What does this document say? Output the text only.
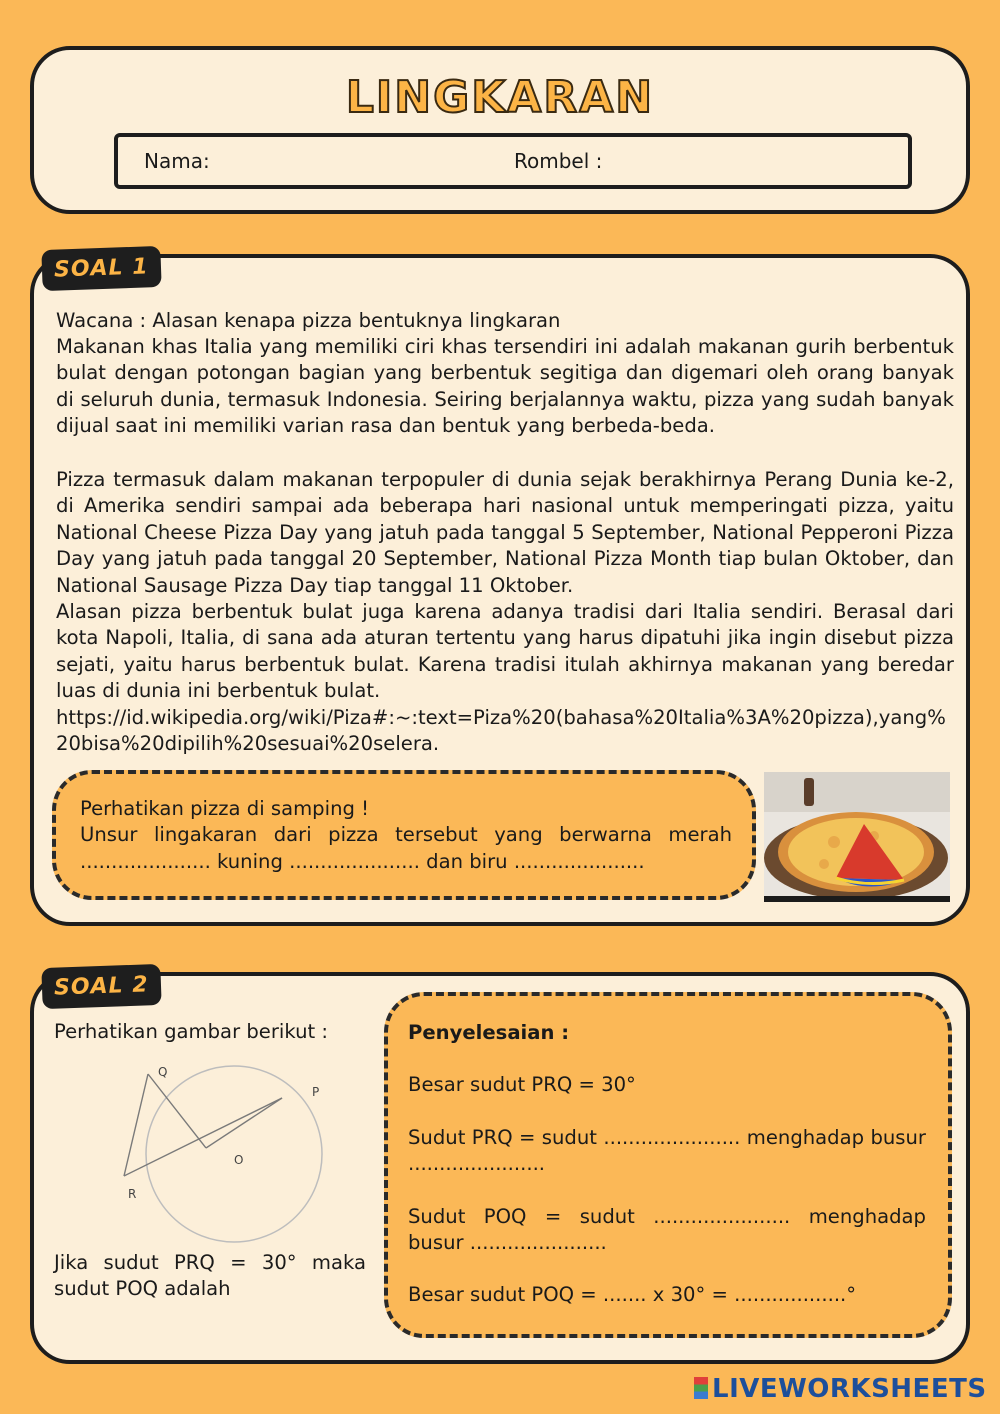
LINGKARAN
Nama:	Rombel :
Wacana : Alasan kenapa pizza bentuknya lingkaran
Makanan khas Italia yang memiliki ciri khas tersendiri ini adalah makanan gurih berbentuk bulat dengan potongan bagian yang berbentuk segitiga dan digemari oleh orang banyak di seluruh dunia, termasuk Indonesia. Seiring berjalannya waktu, pizza yang sudah banyak dijual saat ini memiliki varian rasa dan bentuk yang berbeda-beda.
Pizza termasuk dalam makanan terpopuler di dunia sejak berakhirnya Perang Dunia ke-2, di Amerika sendiri sampai ada beberapa hari nasional untuk memperingati pizza, yaitu National Cheese Pizza Day yang jatuh pada tanggal 5 September, National Pepperoni Pizza Day yang jatuh pada tanggal 20 September, National Pizza Month tiap bulan Oktober, dan National Sausage Pizza Day tiap tanggal 11 Oktober.
Alasan pizza berbentuk bulat juga karena adanya tradisi dari Italia sendiri. Berasal dari kota Napoli, Italia, di sana ada aturan tertentu yang harus dipatuhi jika ingin disebut pizza sejati, yaitu harus berbentuk bulat. Karena tradisi itulah akhirnya makanan yang beredar luas di dunia ini berbentuk bulat.
https://id.wikipedia.org/wiki/Piza#:~:text=Piza%20(bahasa%20Italia%3A%20pizza),yang%20bisa%20dipilih%20sesuai%20selera.
Perhatikan pizza di samping !
Unsur lingakaran dari pizza tersebut yang berwarna merah ..................... kuning ..................... dan biru .....................
SOAL 1
Perhatikan gambar berikut :
Q
P
O
R
Jika sudut PRQ = 30° maka sudut POQ adalah
Penyelesaian :
Besar sudut PRQ = 30°
Sudut PRQ = sudut ...................... menghadap busur ......................
Sudut POQ = sudut ...................... menghadap busur ......................
Besar sudut POQ = ....... x 30° = ..................°
SOAL 2
LIVEWORKSHEETS
